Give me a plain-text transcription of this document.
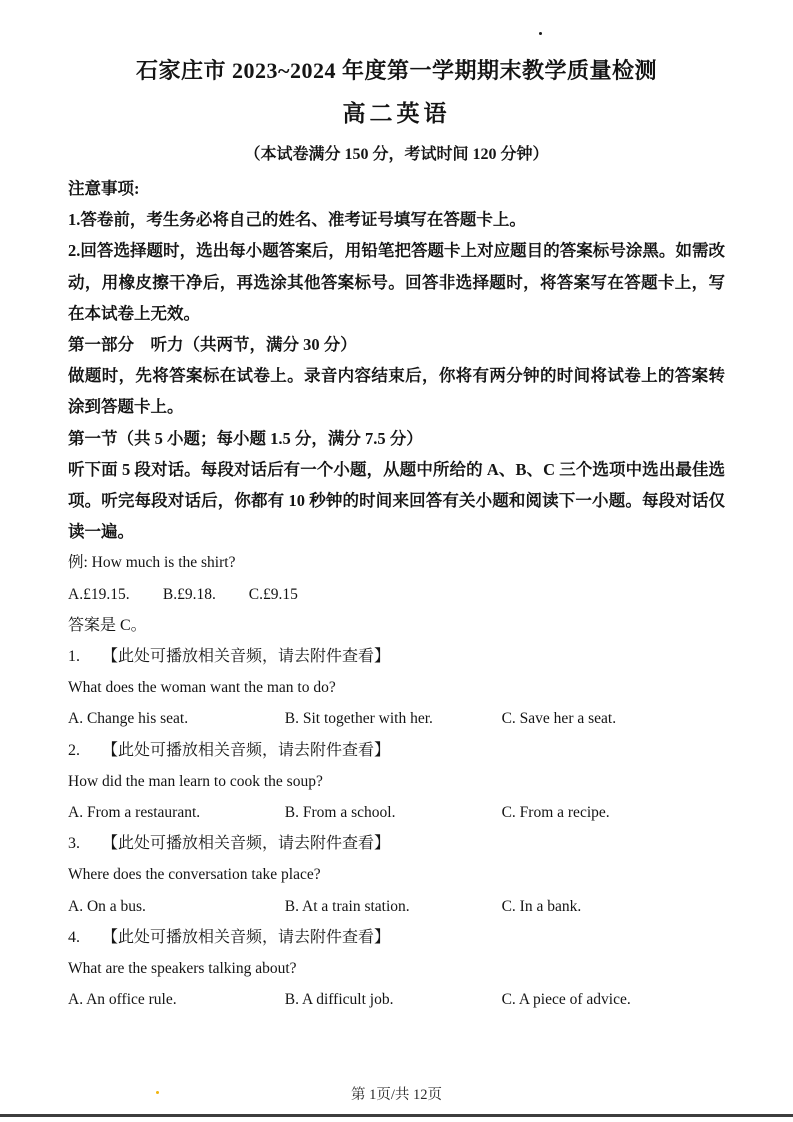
石家庄市 2023~2024 年度第一学期期末教学质量检测
高二英语
（本试卷满分 150 分，考试时间 120 分钟）

注意事项:

1.答卷前，考生务必将自己的姓名、准考证号填写在答题卡上。

2.回答选择题时，选出每小题答案后，用铅笔把答题卡上对应题目的答案标号涂黑。如需改动，用橡皮擦干净后，再选涂其他答案标号。回答非选择题时，将答案写在答题卡上，写在本试卷上无效。

第一部分　听力（共两节，满分 30 分）

做题时，先将答案标在试卷上。录音内容结束后，你将有两分钟的时间将试卷上的答案转涂到答题卡上。

第一节（共 5 小题；每小题 1.5 分，满分 7.5 分）

听下面 5 段对话。每段对话后有一个小题，从题中所给的 A、B、C 三个选项中选出最佳选项。听完每段对话后，你都有 10 秒钟的时间来回答有关小题和阅读下一小题。每段对话仅读一遍。

例: How much is the shirt?

A.£19.15. B.£9.18. C.£9.15

答案是 C。

1. 【此处可播放相关音频，请去附件查看】

What does the woman want the man to do?

A. Change his seat.	B. Sit together with her.	C. Save her a seat.

2. 【此处可播放相关音频，请去附件查看】

How did the man learn to cook the soup?

A. From a restaurant.	B. From a school.	C. From a recipe.

3. 【此处可播放相关音频，请去附件查看】

Where does the conversation take place?

A. On a bus.	B. At a train station.	C. In a bank.

4. 【此处可播放相关音频，请去附件查看】

What are the speakers talking about?

A. An office rule.	B. A difficult job.	C. A piece of advice.
第 1页/共 12页
